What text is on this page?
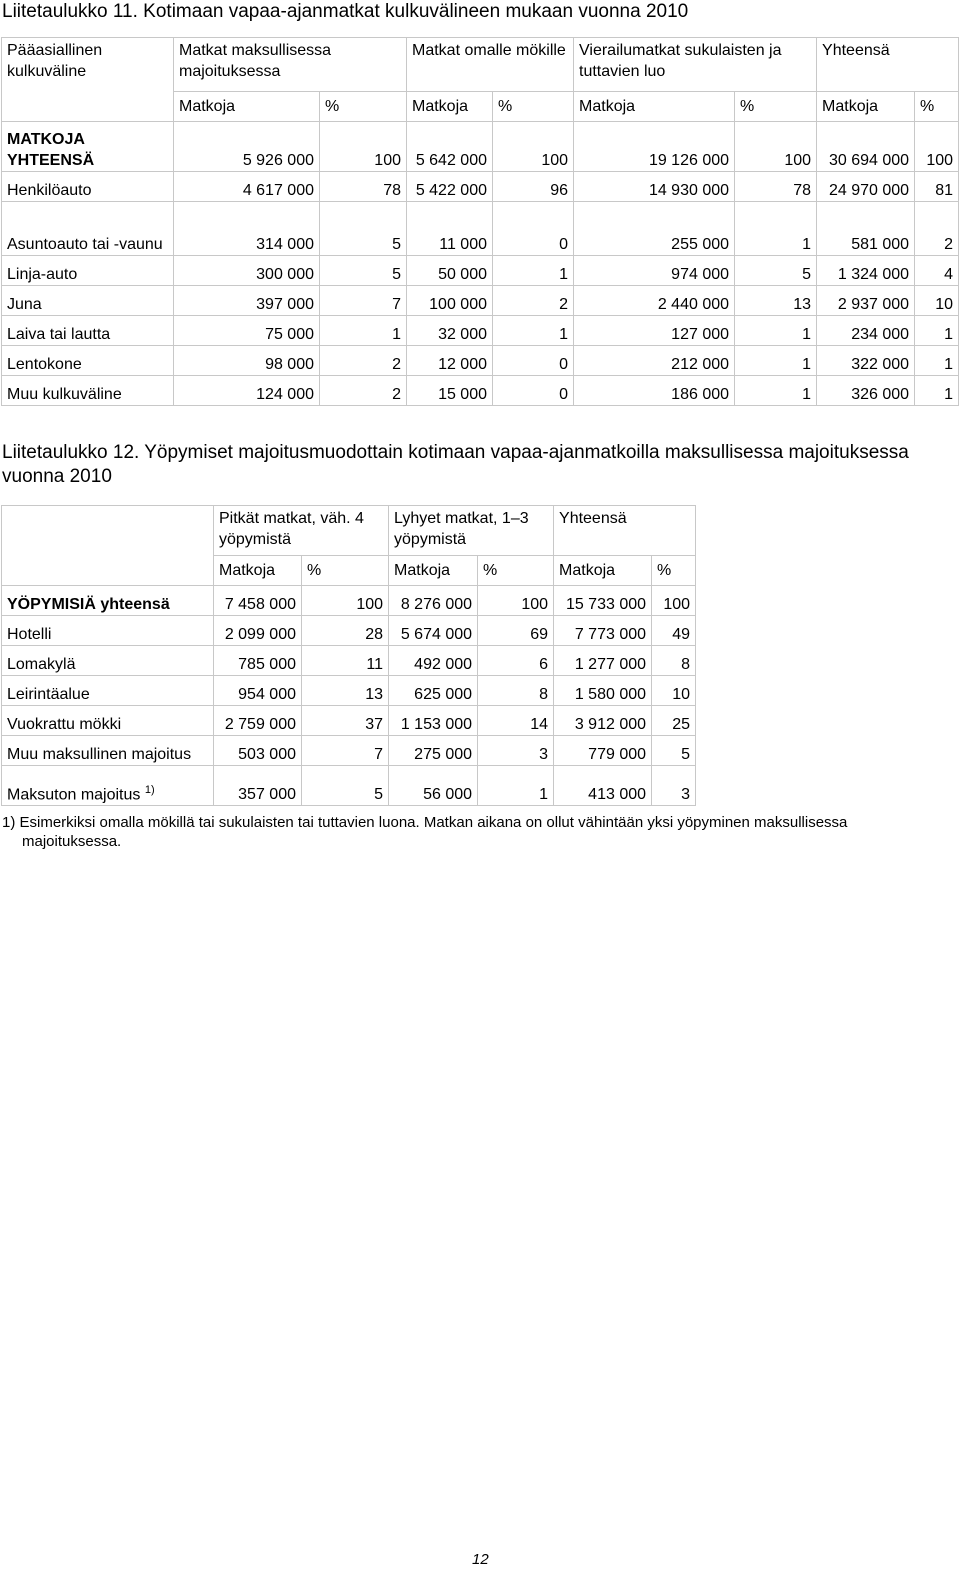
Liitetaulukko 11. Kotimaan vapaa-ajanmatkat kulkuvälineen mukaan vuonna 2010
Pääasiallinen kulkuväline	Matkat maksullisessa majoituksessa		Matkat omalle mökille		Vierailumatkat sukulaisten ja tuttavien luo		Yhteensä	
	Matkoja	%	Matkoja	%	Matkoja	%	Matkoja	%
MATKOJA YHTEENSÄ	5 926 000	100	5 642 000	100	19 126 000	100	30 694 000	100
Henkilöauto	4 617 000	78	5 422 000	96	14 930 000	78	24 970 000	81
Asuntoauto tai -vaunu	314 000	5	11 000	0	255 000	1	581 000	2
Linja-auto	300 000	5	50 000	1	974 000	5	1 324 000	4
Juna	397 000	7	100 000	2	2 440 000	13	2 937 000	10
Laiva tai lautta	75 000	1	32 000	1	127 000	1	234 000	1
Lentokone	98 000	2	12 000	0	212 000	1	322 000	1
Muu kulkuväline	124 000	2	15 000	0	186 000	1	326 000	1
Liitetaulukko 12. Yöpymiset majoitusmuodottain kotimaan vapaa-ajanmatkoilla maksullisessa majoituksessa vuonna 2010
	Pitkät matkat, väh. 4 yöpymistä		Lyhyet matkat, 1–3 yöpymistä		Yhteensä	
	Matkoja	%	Matkoja	%	Matkoja	%
YÖPYMISIÄ yhteensä	7 458 000	100	8 276 000	100	15 733 000	100
Hotelli	2 099 000	28	5 674 000	69	7 773 000	49
Lomakylä	785 000	11	492 000	6	1 277 000	8
Leirintäalue	954 000	13	625 000	8	1 580 000	10
Vuokrattu mökki	2 759 000	37	1 153 000	14	3 912 000	25
Muu maksullinen majoitus	503 000	7	275 000	3	779 000	5
Maksuton majoitus $^{1)}$	357 000	5	56 000	1	413 000	3
1) Esimerkiksi omalla mökillä tai sukulaisten tai tuttavien luona. Matkan aikana on ollut vähintään yksi yöpyminen maksullisessa
majoituksessa.
12
